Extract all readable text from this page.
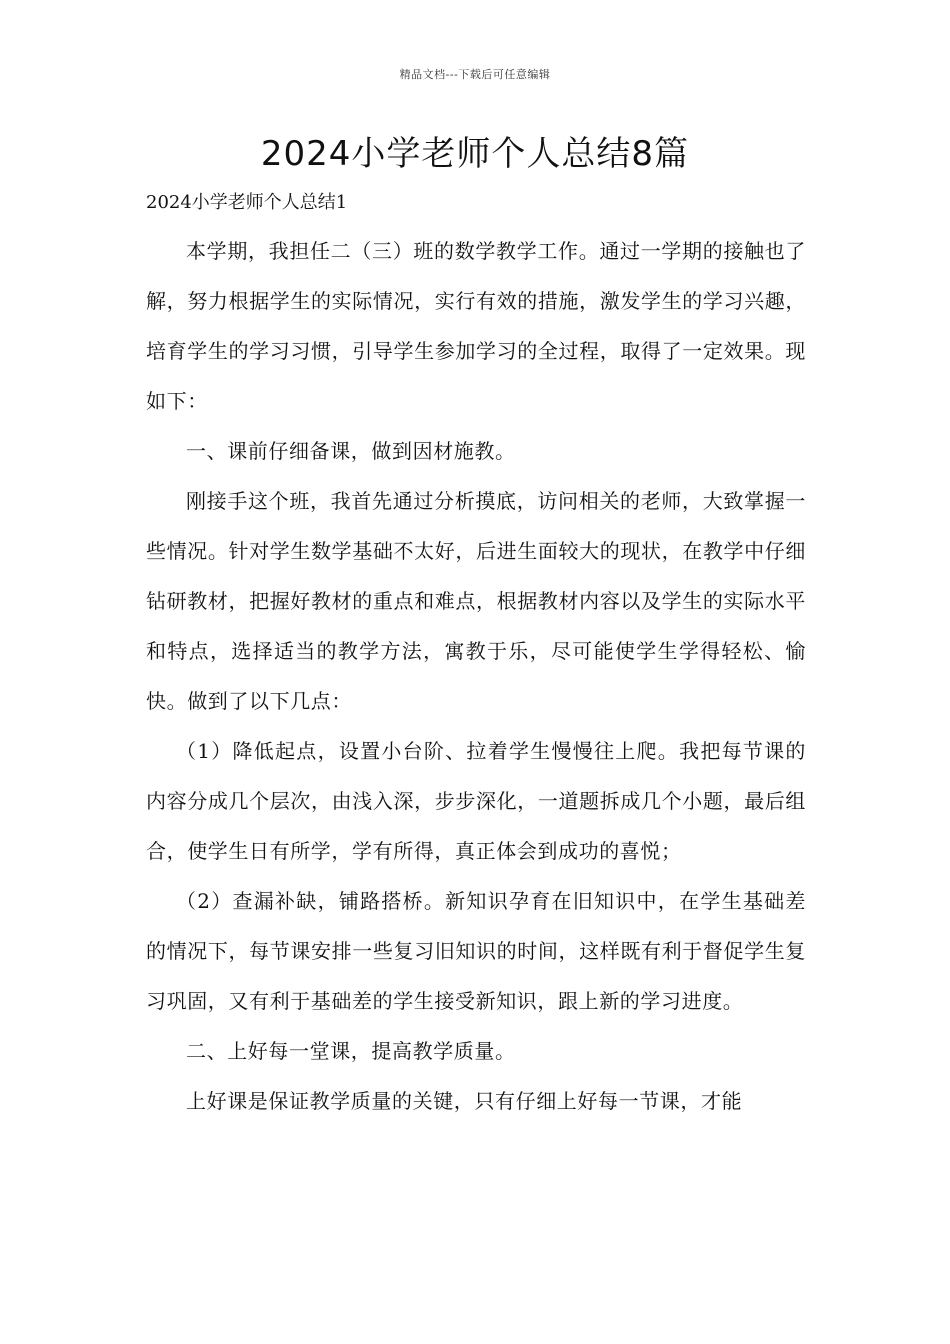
精品文档---下载后可任意编辑
2024小学老师个人总结8篇
2024小学老师个人总结1

本学期，我担任二（三）班的数学教学工作。通过一学期的接触也了解，努力根据学生的实际情况，实行有效的措施，激发学生的学习兴趣，培育学生的学习习惯，引导学生参加学习的全过程，取得了一定效果。现如下：

一、课前仔细备课，做到因材施教。

刚接手这个班，我首先通过分析摸底，访问相关的老师，大致掌握一些情况。针对学生数学基础不太好，后进生面较大的现状，在教学中仔细钻研教材，把握好教材的重点和难点，根据教材内容以及学生的实际水平和特点，选择适当的教学方法，寓教于乐，尽可能使学生学得轻松、愉快。做到了以下几点：

（1）降低起点，设置小台阶、拉着学生慢慢往上爬。我把每节课的内容分成几个层次，由浅入深，步步深化，一道题拆成几个小题，最后组合，使学生日有所学，学有所得，真正体会到成功的喜悦；

（2）查漏补缺，铺路搭桥。新知识孕育在旧知识中，在学生基础差的情况下，每节课安排一些复习旧知识的时间，这样既有利于督促学生复习巩固，又有利于基础差的学生接受新知识，跟上新的学习进度。

二、上好每一堂课，提高教学质量。

上好课是保证教学质量的关键，只有仔细上好每一节课，才能
